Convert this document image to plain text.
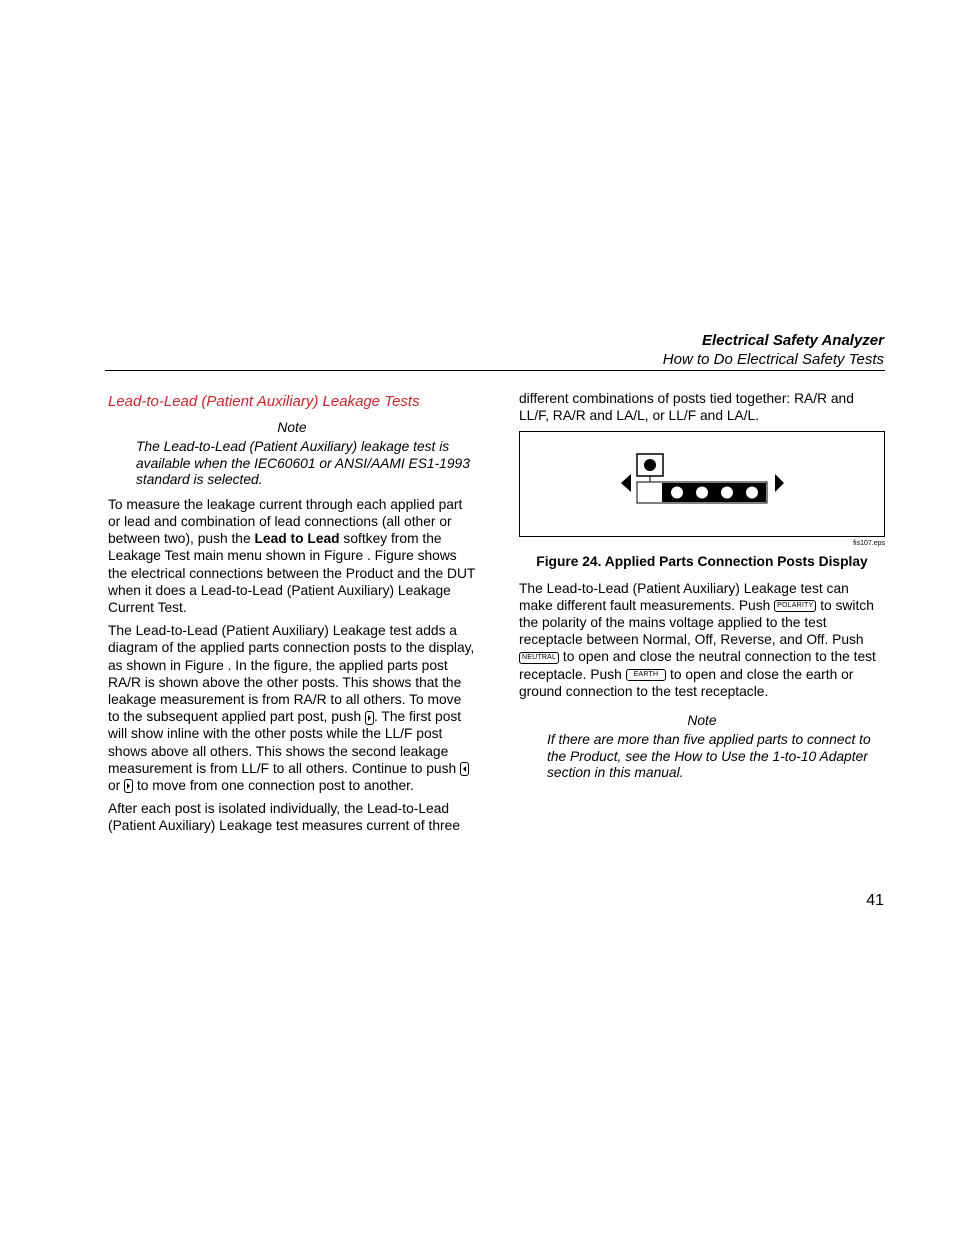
Electrical Safety Analyzer
How to Do Electrical Safety Tests
Lead-to-Lead (Patient Auxiliary) Leakage Tests
Note
The Lead-to-Lead (Patient Auxiliary) leakage test is available when the IEC60601 or ANSI/AAMI ES1-1993 standard is selected.

To measure the leakage current through each applied part or lead and combination of lead connections (all other or between two), push the Lead to Lead softkey from the Leakage Test main menu shown in Figure . Figure shows the electrical connections between the Product and the DUT when it does a Lead-to-Lead (Patient Auxiliary) Leakage Current Test.

The Lead-to-Lead (Patient Auxiliary) Leakage test adds a diagram of the applied parts connection posts to the display, as shown in Figure . In the figure, the applied parts post RA/R is shown above the other posts. This shows that the leakage measurement is from RA/R to all others. To move to the subsequent applied part post, push
. The first post will show inline with the other posts while the LL/F post shows above all others. This shows the second leakage measurement is from LL/F to all others. Continue to push
or
to move from one connection post to another.

After each post is isolated individually, the Lead-to-Lead (Patient Auxiliary) Leakage test measures current of three

different combinations of posts tied together: RA/R and LL/F, RA/R and LA/L, or LL/F and LA/L.

fis107.eps
Figure 24. Applied Parts Connection Posts Display

The Lead-to-Lead (Patient Auxiliary) Leakage test can make different fault measurements. Push POLARITY to switch the polarity of the mains voltage applied to the test receptacle between Normal, Off, Reverse, and Off. Push NEUTRAL to open and close the neutral connection to the test receptacle. Push EARTH to open and close the earth or ground connection to the test receptacle.

Note
If there are more than five applied parts to connect to the Product, see the How to Use the 1-to-10 Adapter section in this manual.
41
